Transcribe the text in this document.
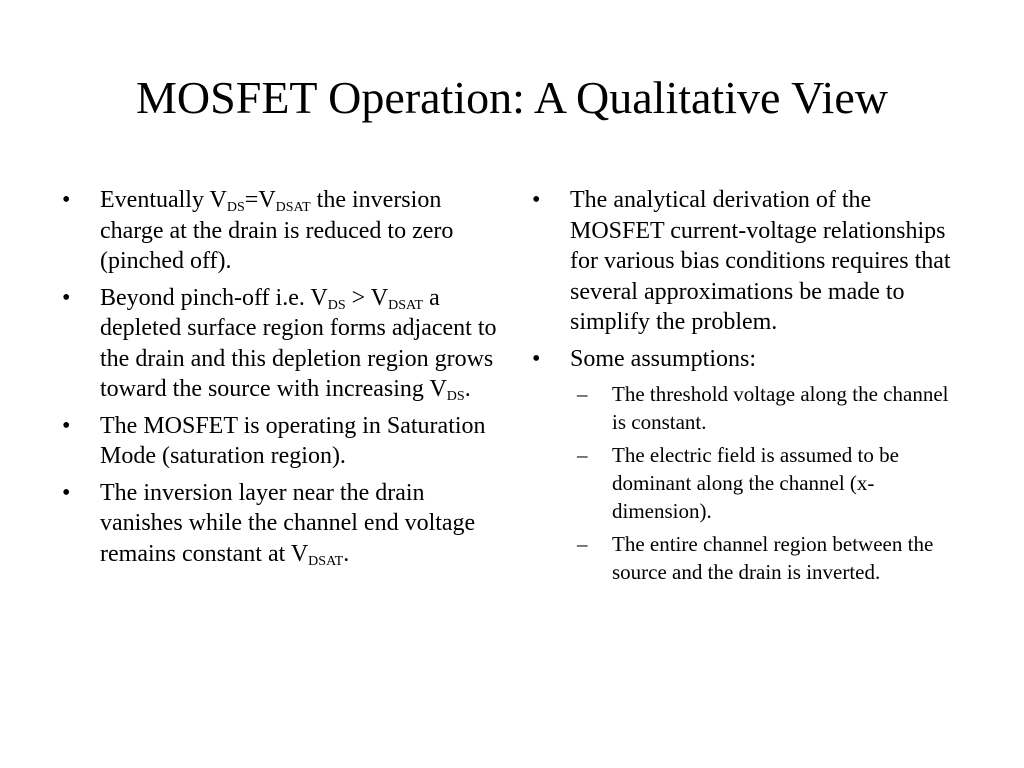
MOSFET Operation: A Qualitative View
• Eventually $V_{DS}=V_{DSAT}$ the inversion charge at the drain is reduced to zero (pinched off).
• Beyond pinch-off i.e. $V_{DS} > V_{DSAT}$ a depleted surface region forms adjacent to the drain and this depletion region grows toward the source with increasing $V_{DS}$.
• The MOSFET is operating in Saturation Mode (saturation region).
• The inversion layer near the drain vanishes while the channel end voltage remains constant at $V_{DSAT}$.
• The analytical derivation of the MOSFET current-voltage relationships for various bias conditions requires that several approximations be made to simplify the problem.
• Some assumptions:
– The threshold voltage along the channel is constant.
– The electric field is assumed to be dominant along the channel (x-dimension).
– The entire channel region between the source and the drain is inverted.
